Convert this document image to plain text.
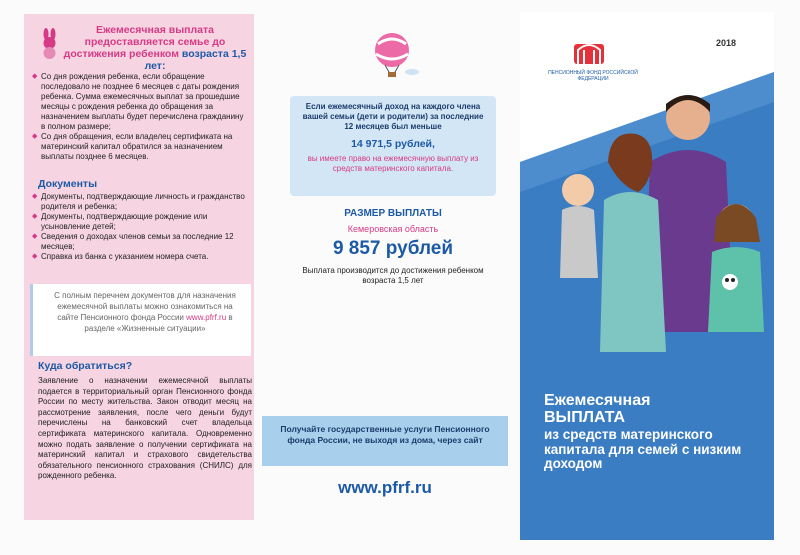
Ежемесячная выплата предоставляется семье до достижения ребенком возраста 1,5 лет:
◆ Со дня рождения ребенка, если обращение последовало не позднее 6 месяцев с даты рождения ребенка. Сумма ежемесячных выплат за прошедшие месяцы с рождения ребенка до обращения за назначением выплаты будет перечислена гражданину в полном размере;
◆ Со дня обращения, если владелец сертификата на материнский капитал обратился за назначением выплаты позднее 6 месяцев.
Документы
◆ Документы, подтверждающие личность и гражданство родителя и ребенка;
◆ Документы, подтверждающие рождение или усыновление детей;
◆ Сведения о доходах членов семьи за последние 12 месяцев;
◆ Справка из банка с указанием номера счета.
С полным перечнем документов для назначения ежемесячной выплаты можно ознакомиться на сайте Пенсионного фонда России www.pfrf.ru в разделе «Жизненные ситуации»
Куда обратиться?
Заявление о назначении ежемесячной выплаты подается в территориальный орган Пенсионного фонда России по месту жительства. Закон отводит месяц на рассмотрение заявления, после чего деньги будут перечислены на банковский счет владельца сертификата материнского капитала. Одновременно можно подать заявление о получении сертификата на материнский капитал и страхового свидетельства обязательного пенсионного страхования (СНИЛС) для рожденного ребенка.
Если ежемесячный доход на каждого члена вашей семьи (дети и родители) за последние 12 месяцев был меньше
14 971,5 рублей,
вы имеете право на ежемесячную выплату из средств материнского капитала.
РАЗМЕР ВЫПЛАТЫ
Кемеровская область
9 857 рублей
Выплата производится до достижения ребенком возраста 1,5 лет
Получайте государственные услуги Пенсионного фонда России, не выходя из дома, через сайт
www.pfrf.ru
ПЕНСИОННЫЙ ФОНД РОССИЙСКОЙ ФЕДЕРАЦИИ
2018
Ежемесячная
ВЫПЛАТА
из средств материнского капитала для семей с низким доходом
